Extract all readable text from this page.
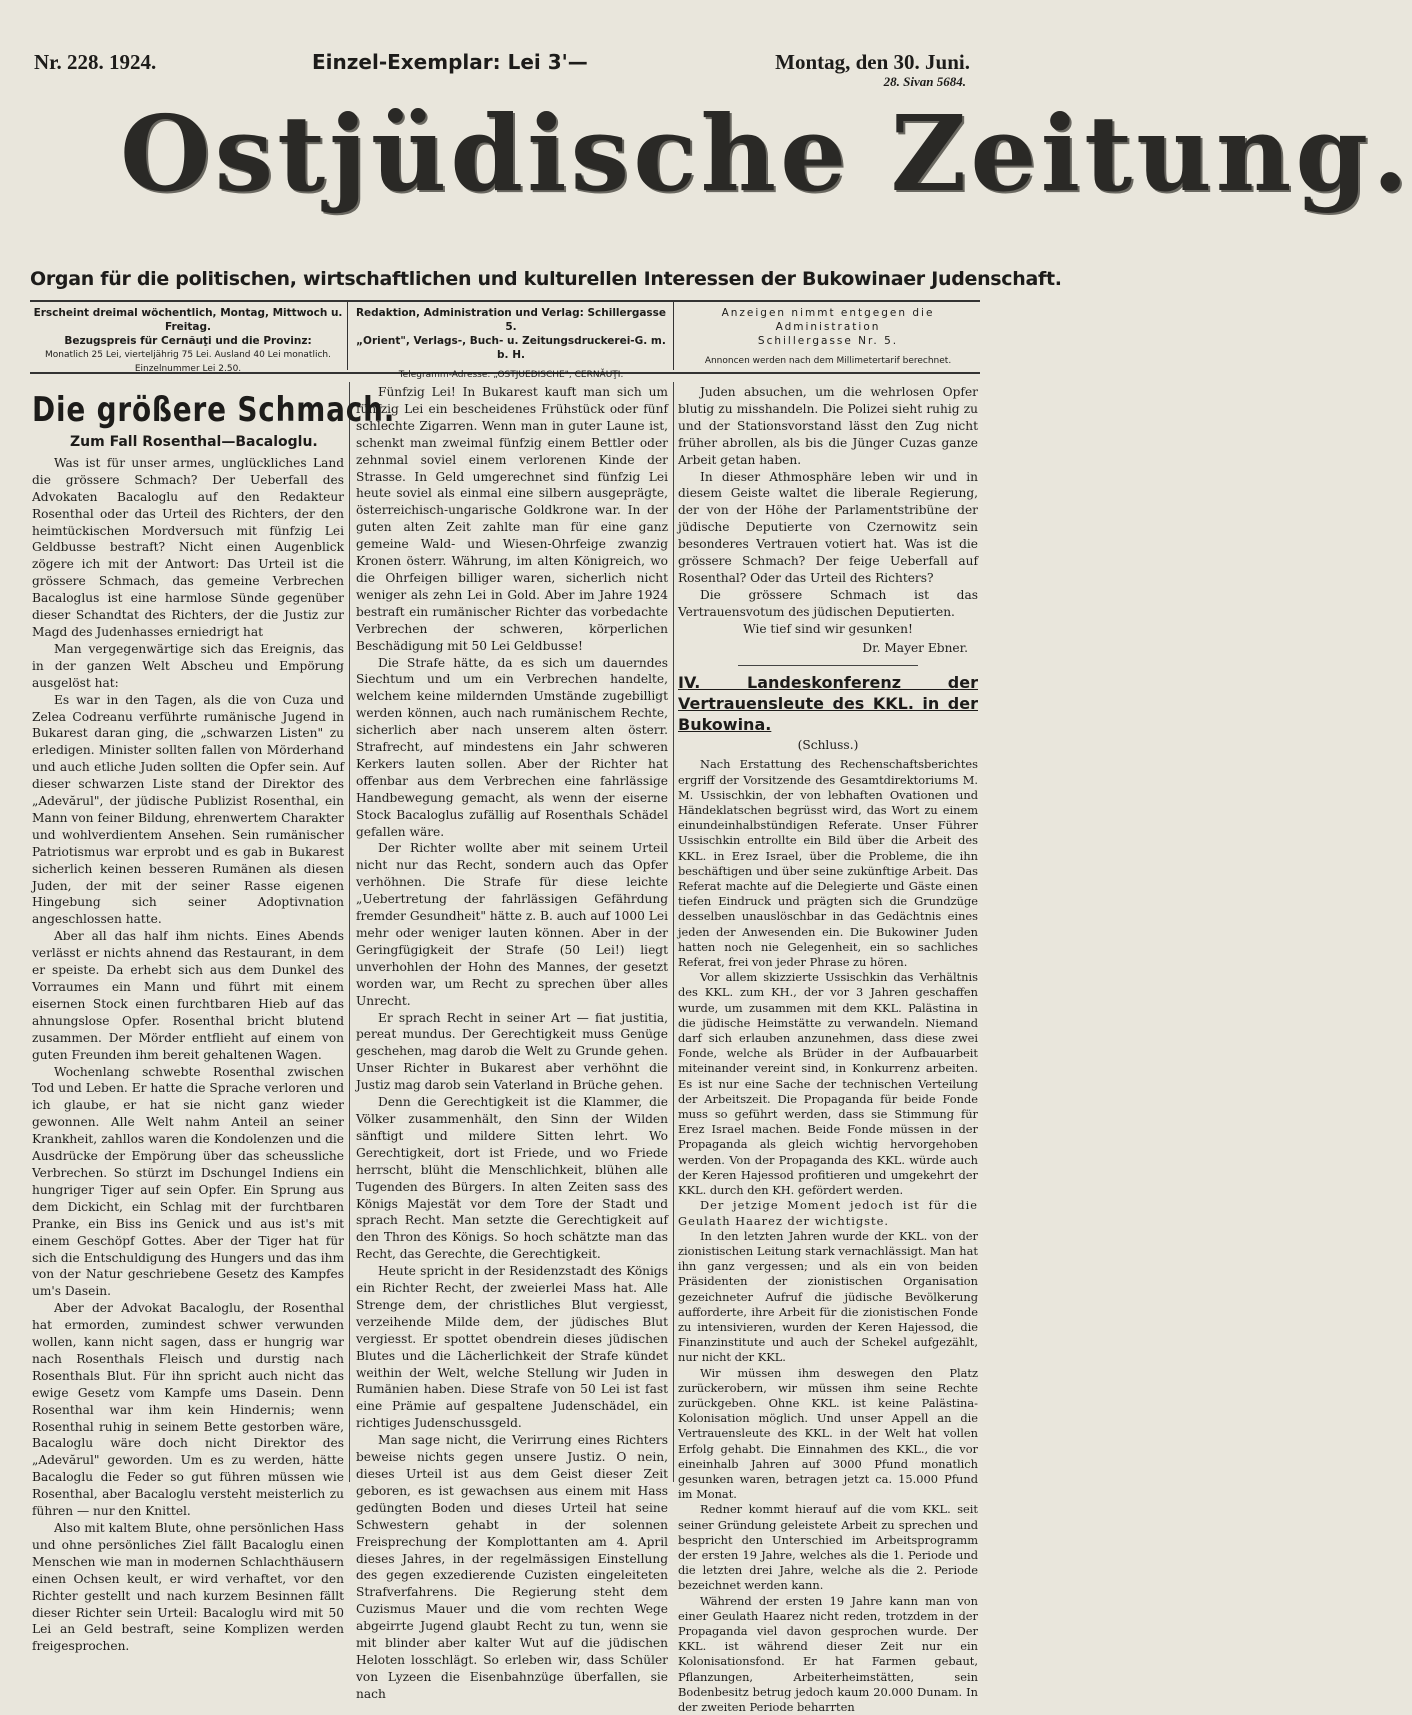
Nr. 228. 1924.	Einzel-Exemplar: Lei 3'—	Montag, den 30. Juni.
28. Sivan 5684.
Ostjüdische Zeitung.
Organ für die politischen, wirtschaftlichen und kulturellen Interessen der Bukowinaer Judenschaft.
Erscheint dreimal wöchentlich, Montag, Mittwoch u. Freitag.
Bezugspreis für Cernăuţi und die Provinz:
Monatlich 25 Lei, vierteljährig 75 Lei. Ausland 40 Lei monatlich.
Einzelnummer Lei 2.50.
Redaktion, Administration und Verlag: Schillergasse 5.
„Orient", Verlags-, Buch- u. Zeitungsdruckerei-G. m. b. H.
Telegramm-Adresse: „OSTJUEDISCHE", CERNĂUŢI.
Anzeigen nimmt entgegen die Administration
Schillergasse Nr. 5.
Annoncen werden nach dem Millimetertarif berechnet.
Die größere Schmach.
Zum Fall Rosenthal—Bacaloglu.

Was ist für unser armes, unglückliches Land die grössere Schmach? Der Ueberfall des Advokaten Bacaloglu auf den Redakteur Rosenthal oder das Urteil des Richters, der den heimtückischen Mordversuch mit fünfzig Lei Geldbusse bestraft? Nicht einen Augenblick zögere ich mit der Antwort: Das Urteil ist die grössere Schmach, das gemeine Verbrechen Bacaloglus ist eine harmlose Sünde gegenüber dieser Schandtat des Richters, der die Justiz zur Magd des Judenhasses erniedrigt hat

Man vergegenwärtige sich das Ereignis, das in der ganzen Welt Abscheu und Empörung ausgelöst hat:

Es war in den Tagen, als die von Cuza und Zelea Codreanu verführte rumänische Jugend in Bukarest daran ging, die „schwarzen Listen" zu erledigen. Minister sollten fallen von Mörderhand und auch etliche Juden sollten die Opfer sein. Auf dieser schwarzen Liste stand der Direktor des „Adevărul", der jüdische Publizist Rosenthal, ein Mann von feiner Bildung, ehrenwertem Charakter und wohlverdientem Ansehen. Sein rumänischer Patriotismus war erprobt und es gab in Bukarest sicherlich keinen besseren Rumänen als diesen Juden, der mit der seiner Rasse eigenen Hingebung sich seiner Adoptivnation angeschlossen hatte.

Aber all das half ihm nichts. Eines Abends verlässt er nichts ahnend das Restaurant, in dem er speiste. Da erhebt sich aus dem Dunkel des Vorraumes ein Mann und führt mit einem eisernen Stock einen furchtbaren Hieb auf das ahnungslose Opfer. Rosenthal bricht blutend zusammen. Der Mörder entflieht auf einem von guten Freunden ihm bereit gehaltenen Wagen.

Wochenlang schwebte Rosenthal zwischen Tod und Leben. Er hatte die Sprache verloren und ich glaube, er hat sie nicht ganz wieder gewonnen. Alle Welt nahm Anteil an seiner Krankheit, zahllos waren die Kondolenzen und die Ausdrücke der Empörung über das scheussliche Verbrechen. So stürzt im Dschungel Indiens ein hungriger Tiger auf sein Opfer. Ein Sprung aus dem Dickicht, ein Schlag mit der furchtbaren Pranke, ein Biss ins Genick und aus ist's mit einem Geschöpf Gottes. Aber der Tiger hat für sich die Entschuldigung des Hungers und das ihm von der Natur geschriebene Gesetz des Kampfes um's Dasein.

Aber der Advokat Bacaloglu, der Rosenthal hat ermorden, zumindest schwer verwunden wollen, kann nicht sagen, dass er hungrig war nach Rosenthals Fleisch und durstig nach Rosenthals Blut. Für ihn spricht auch nicht das ewige Gesetz vom Kampfe ums Dasein. Denn Rosenthal war ihm kein Hindernis; wenn Rosenthal ruhig in seinem Bette gestorben wäre, Bacaloglu wäre doch nicht Direktor des „Adevărul" geworden. Um es zu werden, hätte Bacaloglu die Feder so gut führen müssen wie Rosenthal, aber Bacaloglu versteht meisterlich zu führen — nur den Knittel.

Also mit kaltem Blute, ohne persönlichen Hass und ohne persönliches Ziel fällt Bacaloglu einen Menschen wie man in modernen Schlachthäusern einen Ochsen keult, er wird verhaftet, vor den Richter gestellt und nach kurzem Besinnen fällt dieser Richter sein Urteil: Bacaloglu wird mit 50 Lei an Geld bestraft, seine Komplizen werden freigesprochen.

Fünfzig Lei! In Bukarest kauft man sich um fünfzig Lei ein bescheidenes Frühstück oder fünf schlechte Zigarren. Wenn man in guter Laune ist, schenkt man zweimal fünfzig einem Bettler oder zehnmal soviel einem verlorenen Kinde der Strasse. In Geld umgerechnet sind fünfzig Lei heute soviel als einmal eine silbern ausgeprägte, österreichisch-ungarische Goldkrone war. In der guten alten Zeit zahlte man für eine ganz gemeine Wald- und Wiesen-Ohrfeige zwanzig Kronen österr. Währung, im alten Königreich, wo die Ohrfeigen billiger waren, sicherlich nicht weniger als zehn Lei in Gold. Aber im Jahre 1924 bestraft ein rumänischer Richter das vorbedachte Verbrechen der schweren, körperlichen Beschädigung mit 50 Lei Geldbusse!

Die Strafe hätte, da es sich um dauerndes Siechtum und um ein Verbrechen handelte, welchem keine mildernden Umstände zugebilligt werden können, auch nach rumänischem Rechte, sicherlich aber nach unserem alten österr. Strafrecht, auf mindestens ein Jahr schweren Kerkers lauten sollen. Aber der Richter hat offenbar aus dem Verbrechen eine fahrlässige Handbewegung gemacht, als wenn der eiserne Stock Bacaloglus zufällig auf Rosenthals Schädel gefallen wäre.

Der Richter wollte aber mit seinem Urteil nicht nur das Recht, sondern auch das Opfer verhöhnen. Die Strafe für diese leichte „Uebertretung der fahrlässigen Gefährdung fremder Gesundheit" hätte z. B. auch auf 1000 Lei mehr oder weniger lauten können. Aber in der Geringfügigkeit der Strafe (50 Lei!) liegt unverhohlen der Hohn des Mannes, der gesetzt worden war, um Recht zu sprechen über alles Unrecht.

Er sprach Recht in seiner Art — fiat justitia, pereat mundus. Der Gerechtigkeit muss Genüge geschehen, mag darob die Welt zu Grunde gehen. Unser Richter in Bukarest aber verhöhnt die Justiz mag darob sein Vaterland in Brüche gehen.

Denn die Gerechtigkeit ist die Klammer, die Völker zusammenhält, den Sinn der Wilden sänftigt und mildere Sitten lehrt. Wo Gerechtigkeit, dort ist Friede, und wo Friede herrscht, blüht die Menschlichkeit, blühen alle Tugenden des Bürgers. In alten Zeiten sass des Königs Majestät vor dem Tore der Stadt und sprach Recht. Man setzte die Gerechtigkeit auf den Thron des Königs. So hoch schätzte man das Recht, das Gerechte, die Gerechtigkeit.

Heute spricht in der Residenzstadt des Königs ein Richter Recht, der zweierlei Mass hat. Alle Strenge dem, der christliches Blut vergiesst, verzeihende Milde dem, der jüdisches Blut vergiesst. Er spottet obendrein dieses jüdischen Blutes und die Lächerlichkeit der Strafe kündet weithin der Welt, welche Stellung wir Juden in Rumänien haben. Diese Strafe von 50 Lei ist fast eine Prämie auf gespaltene Judenschädel, ein richtiges Judenschussgeld.

Man sage nicht, die Verirrung eines Richters beweise nichts gegen unsere Justiz. O nein, dieses Urteil ist aus dem Geist dieser Zeit geboren, es ist gewachsen aus einem mit Hass gedüngten Boden und dieses Urteil hat seine Schwestern gehabt in der solennen Freisprechung der Komplottanten am 4. April dieses Jahres, in der regelmässigen Einstellung des gegen exzedierende Cuzisten eingeleiteten Strafverfahrens. Die Regierung steht dem Cuzismus Mauer und die vom rechten Wege abgeirrte Jugend glaubt Recht zu tun, wenn sie mit blinder aber kalter Wut auf die jüdischen Heloten losschlägt. So erleben wir, dass Schüler von Lyzeen die Eisenbahnzüge überfallen, sie nach

Juden absuchen, um die wehrlosen Opfer blutig zu misshandeln. Die Polizei sieht ruhig zu und der Stationsvorstand lässt den Zug nicht früher abrollen, als bis die Jünger Cuzas ganze Arbeit getan haben.

In dieser Athmosphäre leben wir und in diesem Geiste waltet die liberale Regierung, der von der Höhe der Parlamentstribüne der jüdische Deputierte von Czernowitz sein besonderes Vertrauen votiert hat. Was ist die grössere Schmach? Der feige Ueberfall auf Rosenthal? Oder das Urteil des Richters?

Die grössere Schmach ist das Vertrauensvotum des jüdischen Deputierten.

Wie tief sind wir gesunken!

Dr. Mayer Ebner.
IV. Landeskonferenz der Vertrauensleute des KKL. in der Bukowina.
(Schluss.)

Nach Erstattung des Rechenschaftsberichtes ergriff der Vorsitzende des Gesamtdirektoriums M. M. Ussischkin, der von lebhaften Ovationen und Händeklatschen begrüsst wird, das Wort zu einem einundeinhalbstündigen Referate. Unser Führer Ussischkin entrollte ein Bild über die Arbeit des KKL. in Erez Israel, über die Probleme, die ihn beschäftigen und über seine zukünftige Arbeit. Das Referat machte auf die Delegierte und Gäste einen tiefen Eindruck und prägten sich die Grundzüge desselben unauslöschbar in das Gedächtnis eines jeden der Anwesenden ein. Die Bukowiner Juden hatten noch nie Gelegenheit, ein so sachliches Referat, frei von jeder Phrase zu hören.

Vor allem skizzierte Ussischkin das Verhältnis des KKL. zum KH., der vor 3 Jahren geschaffen wurde, um zusammen mit dem KKL. Palästina in die jüdische Heimstätte zu verwandeln. Niemand darf sich erlauben anzunehmen, dass diese zwei Fonde, welche als Brüder in der Aufbauarbeit miteinander vereint sind, in Konkurrenz arbeiten. Es ist nur eine Sache der technischen Verteilung der Arbeitszeit. Die Propaganda für beide Fonde muss so geführt werden, dass sie Stimmung für Erez Israel machen. Beide Fonde müssen in der Propaganda als gleich wichtig hervorgehoben werden. Von der Propaganda des KKL. würde auch der Keren Hajessod profitieren und umgekehrt der KKL. durch den KH. gefördert werden.

Der jetzige Moment jedoch ist für die Geulath Haarez der wichtigste.

In den letzten Jahren wurde der KKL. von der zionistischen Leitung stark vernachlässigt. Man hat ihn ganz vergessen; und als ein von beiden Präsidenten der zionistischen Organisation gezeichneter Aufruf die jüdische Bevölkerung aufforderte, ihre Arbeit für die zionistischen Fonde zu intensivieren, wurden der Keren Hajessod, die Finanzinstitute und auch der Schekel aufgezählt, nur nicht der KKL.

Wir müssen ihm deswegen den Platz zurückerobern, wir müssen ihm seine Rechte zurückgeben. Ohne KKL. ist keine Palästina-Kolonisation möglich. Und unser Appell an die Vertrauensleute des KKL. in der Welt hat vollen Erfolg gehabt. Die Einnahmen des KKL., die vor eineinhalb Jahren auf 3000 Pfund monatlich gesunken waren, betragen jetzt ca. 15.000 Pfund im Monat.

Redner kommt hierauf auf die vom KKL. seit seiner Gründung geleistete Arbeit zu sprechen und bespricht den Unterschied im Arbeitsprogramm der ersten 19 Jahre, welches als die 1. Periode und die letzten drei Jahre, welche als die 2. Periode bezeichnet werden kann.

Während der ersten 19 Jahre kann man von einer Geulath Haarez nicht reden, trotzdem in der Propaganda viel davon gesprochen wurde. Der KKL. ist während dieser Zeit nur ein Kolonisationsfond. Er hat Farmen gebaut, Pflanzungen, Arbeiterheimstätten, sein Bodenbesitz betrug jedoch kaum 20.000 Dunam. In der zweiten Periode beharrten
